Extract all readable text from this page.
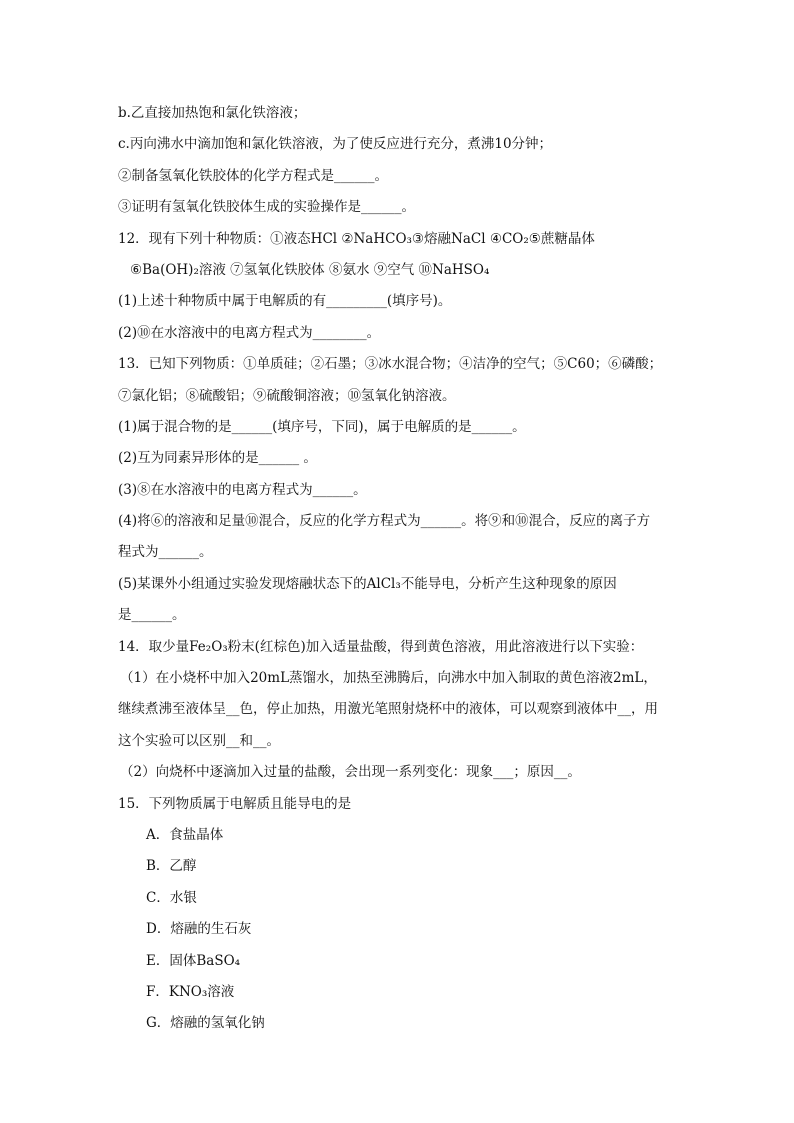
b.乙直接加热饱和氯化铁溶液；
c.丙向沸水中滴加饱和氯化铁溶液，为了使反应进行充分，煮沸10分钟；
②制备氢氧化铁胶体的化学方程式是______。
③证明有氢氧化铁胶体生成的实验操作是______。
12．现有下列十种物质：①液态HCl ②NaHCO₃③熔融NaCl ④CO₂⑤蔗糖晶体
⑥Ba(OH)₂溶液 ⑦氢氧化铁胶体 ⑧氨水 ⑨空气 ⑩NaHSO₄
(1)上述十种物质中属于电解质的有_________(填序号)。
(2)⑩在水溶液中的电离方程式为________。
13．已知下列物质：①单质硅；②石墨；③冰水混合物；④洁净的空气；⑤C60；⑥磷酸；
⑦氯化铝；⑧硫酸铝；⑨硫酸铜溶液；⑩氢氧化钠溶液。
(1)属于混合物的是______(填序号，下同)，属于电解质的是______。
(2)互为同素异形体的是______ 。
(3)⑧在水溶液中的电离方程式为______。
(4)将⑥的溶液和足量⑩混合，反应的化学方程式为______。将⑨和⑩混合，反应的离子方
程式为______。
(5)某课外小组通过实验发现熔融状态下的AlCl₃不能导电，分析产生这种现象的原因
是______。
14．取少量Fe₂O₃粉末(红棕色)加入适量盐酸，得到黄色溶液，用此溶液进行以下实验：
（1）在小烧杯中加入20mL蒸馏水，加热至沸腾后，向沸水中加入制取的黄色溶液2mL，
继续煮沸至液体呈__色，停止加热，用激光笔照射烧杯中的液体，可以观察到液体中__，用
这个实验可以区别__和__。
（2）向烧杯中逐滴加入过量的盐酸，会出现一系列变化：现象___；原因__。
15．下列物质属于电解质且能导电的是
A．食盐晶体
B．乙醇
C．水银
D．熔融的生石灰
E．固体BaSO₄
F．KNO₃溶液
G．熔融的氢氧化钠
